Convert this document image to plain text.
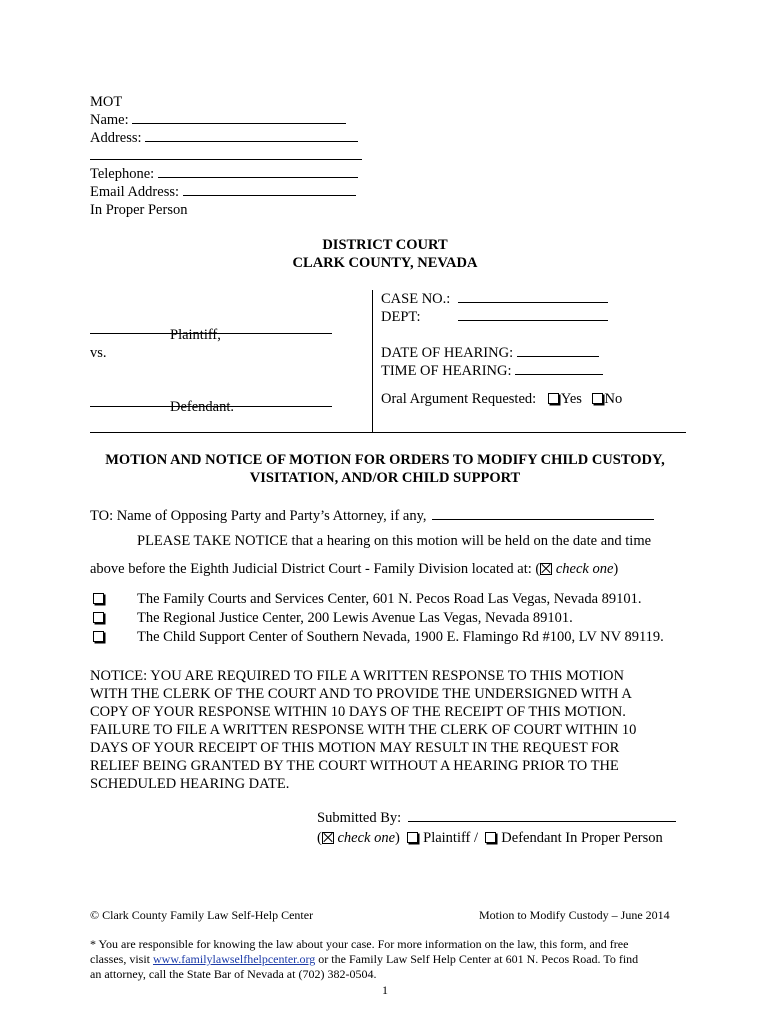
MOT
Name:
Address:
Telephone:
Email Address:
In Proper Person
DISTRICT COURT
CLARK COUNTY, NEVADA
Plaintiff,
vs.
Defendant.
CASE NO.:
DEPT:
DATE OF HEARING:
TIME OF HEARING:
Oral Argument Requested: Yes No
MOTION AND NOTICE OF MOTION FOR ORDERS TO MODIFY CHILD CUSTODY,
VISITATION, AND/OR CHILD SUPPORT
TO: Name of Opposing Party and Party’s Attorney, if any,
PLEASE TAKE NOTICE that a hearing on this motion will be held on the date and time
above before the Eighth Judicial District Court - Family Division located at: ( check one)
The Family Courts and Services Center, 601 N. Pecos Road Las Vegas, Nevada 89101.
The Regional Justice Center, 200 Lewis Avenue Las Vegas, Nevada 89101.
The Child Support Center of Southern Nevada, 1900 E. Flamingo Rd #100, LV NV 89119.
NOTICE: YOU ARE REQUIRED TO FILE A WRITTEN RESPONSE TO THIS MOTION
WITH THE CLERK OF THE COURT AND TO PROVIDE THE UNDERSIGNED WITH A
COPY OF YOUR RESPONSE WITHIN 10 DAYS OF THE RECEIPT OF THIS MOTION.
FAILURE TO FILE A WRITTEN RESPONSE WITH THE CLERK OF COURT WITHIN 10
DAYS OF YOUR RECEIPT OF THIS MOTION MAY RESULT IN THE REQUEST FOR
RELIEF BEING GRANTED BY THE COURT WITHOUT A HEARING PRIOR TO THE
SCHEDULED HEARING DATE.
Submitted By:
( check one) Plaintiff / Defendant In Proper Person
© Clark County Family Law Self-Help Center	Motion to Modify Custody – June 2014
* You are responsible for knowing the law about your case. For more information on the law, this form, and free
classes, visit www.familylawselfhelpcenter.org or the Family Law Self Help Center at 601 N. Pecos Road. To find
an attorney, call the State Bar of Nevada at (702) 382-0504.
1
